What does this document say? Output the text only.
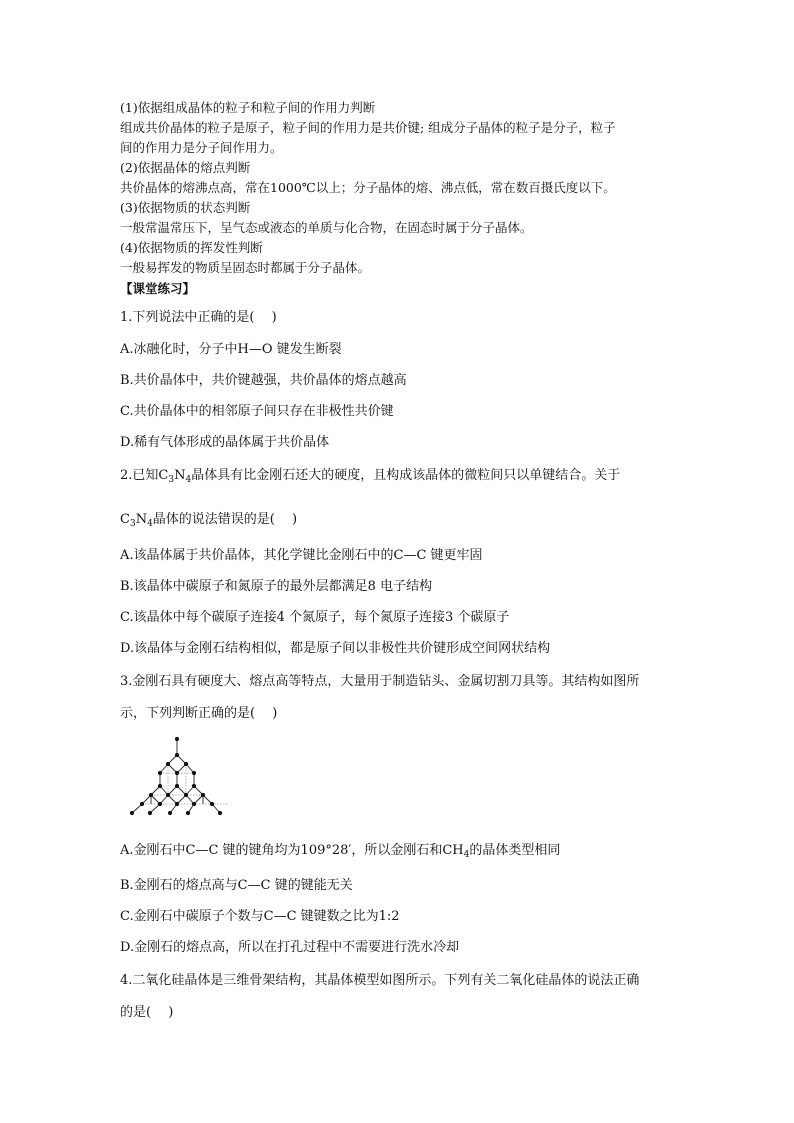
(1)依据组成晶体的粒子和粒子间的作用力判断
组成共价晶体的粒子是原子，粒子间的作用力是共价键; 组成分子晶体的粒子是分子，粒子
间的作用力是分子间作用力。
(2)依据晶体的熔点判断
共价晶体的熔沸点高，常在1000℃以上；分子晶体的熔、沸点低，常在数百摄氏度以下。
(3)依据物质的状态判断
一般常温常压下，呈气态或液态的单质与化合物，在固态时属于分子晶体。
(4)依据物质的挥发性判断
一般易挥发的物质呈固态时都属于分子晶体。
【课堂练习】
1.下列说法中正确的是(　 )
A.冰融化时，分子中H—O 键发生断裂
B.共价晶体中，共价键越强，共价晶体的熔点越高
C.共价晶体中的相邻原子间只存在非极性共价键
D.稀有气体形成的晶体属于共价晶体
2.已知$C_3N_4$晶体具有比金刚石还大的硬度，且构成该晶体的微粒间只以单键结合。关于
$C_3N_4$晶体的说法错误的是(　 )
A.该晶体属于共价晶体，其化学键比金刚石中的C—C 键更牢固
B.该晶体中碳原子和氮原子的最外层都满足8 电子结构
C.该晶体中每个碳原子连接4 个氮原子，每个氮原子连接3 个碳原子
D.该晶体与金刚石结构相似，都是原子间以非极性共价键形成空间网状结构
3.金刚石具有硬度大、熔点高等特点，大量用于制造钻头、金属切割刀具等。其结构如图所
示，下列判断正确的是(　 )
A.金刚石中C—C 键的键角均为109°28′，所以金刚石和$CH_4$的晶体类型相同
B.金刚石的熔点高与C—C 键的键能无关
C.金刚石中碳原子个数与C—C 键键数之比为1:2
D.金刚石的熔点高，所以在打孔过程中不需要进行洗水冷却
4.二氧化硅晶体是三维骨架结构，其晶体模型如图所示。下列有关二氧化硅晶体的说法正确
的是(　 )
